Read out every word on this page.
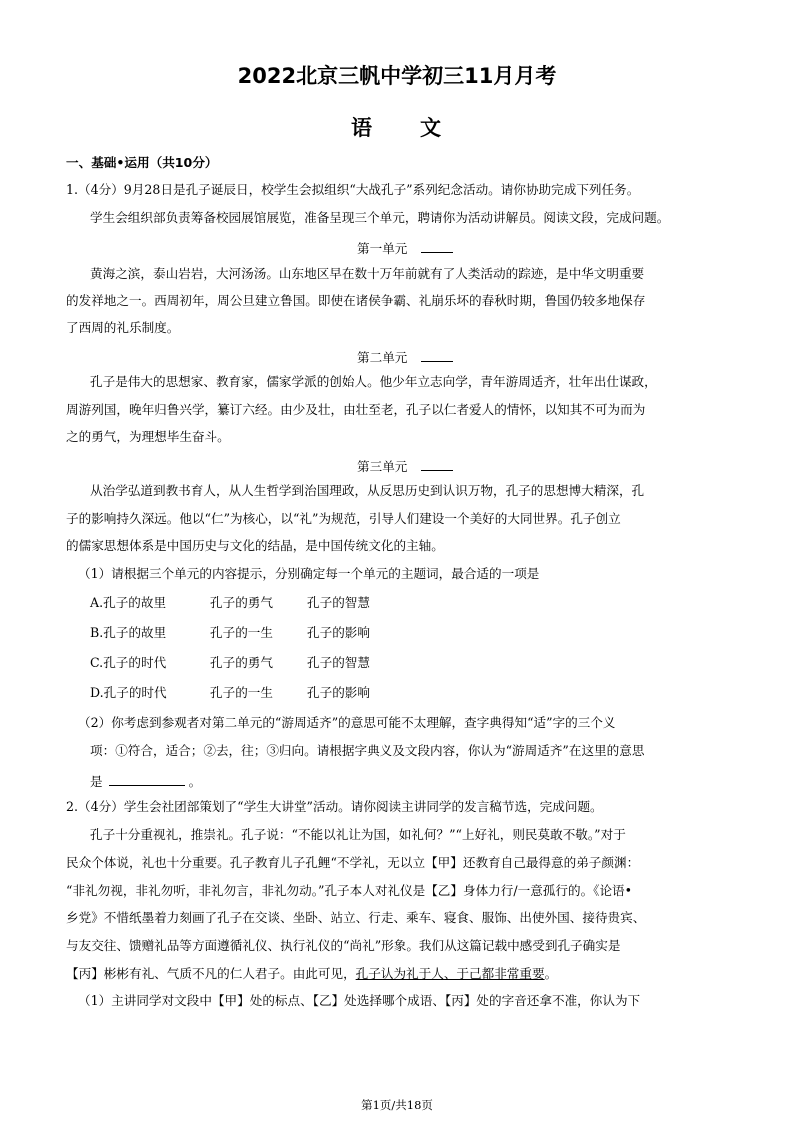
2022北京三帆中学初三11月月考
语 文
一、基础•运用（共10分）
1.（4分）9月28日是孔子诞辰日，校学生会拟组织“大战孔子”系列纪念活动。请你协助完成下列任务。
学生会组织部负责筹备校园展馆展览，准备呈现三个单元，聘请你为活动讲解员。阅读文段，完成问题。
第一单元
黄海之滨，泰山岩岩，大河汤汤。山东地区早在数十万年前就有了人类活动的踪迹，是中华文明重要
的发祥地之一。西周初年，周公旦建立鲁国。即使在诸侯争霸、礼崩乐坏的春秋时期，鲁国仍较多地保存
了西周的礼乐制度。
第二单元
孔子是伟大的思想家、教育家，儒家学派的创始人。他少年立志向学，青年游周适齐，壮年出仕谋政，
周游列国，晚年归鲁兴学，纂订六经。由少及壮，由壮至老，孔子以仁者爱人的情怀，以知其不可为而为
之的勇气，为理想毕生奋斗。
第三单元
从治学弘道到教书育人，从人生哲学到治国理政，从反思历史到认识万物，孔子的思想博大精深，孔
子的影响持久深远。他以“仁”为核心，以“礼”为规范，引导人们建设一个美好的大同世界。孔子创立
的儒家思想体系是中国历史与文化的结晶，是中国传统文化的主轴。
（1）请根据三个单元的内容提示，分别确定每一个单元的主题词，最合适的一项是
A.孔子的故里	孔子的勇气	孔子的智慧
B.孔子的故里	孔子的一生	孔子的影响
C.孔子的时代	孔子的勇气	孔子的智慧
D.孔子的时代	孔子的一生	孔子的影响
（2）你考虑到参观者对第二单元的“游周适齐”的意思可能不太理解，查字典得知“适”字的三个义
项：①符合，适合；②去，往；③归向。请根据字典义及文段内容，你认为“游周适齐”在这里的意思
是	。
2.（4分）学生会社团部策划了“学生大讲堂”活动。请你阅读主讲同学的发言稿节选，完成问题。
孔子十分重视礼，推崇礼。孔子说：“不能以礼让为国，如礼何？”“上好礼，则民莫敢不敬。”对于
民众个体说，礼也十分重要。孔子教育儿子孔鲤“不学礼，无以立【甲】还教育自己最得意的弟子颜渊：
“非礼勿视，非礼勿听，非礼勿言，非礼勿动。”孔子本人对礼仪是【乙】身体力行/一意孤行的。《论语•
乡党》不惜纸墨着力刻画了孔子在交谈、坐卧、站立、行走、乘车、寝食、服饰、出使外国、接待贵宾、
与友交往、馈赠礼品等方面遵循礼仪、执行礼仪的“尚礼”形象。我们从这篇记载中感受到孔子确实是
【丙】彬彬有礼、气质不凡的仁人君子。由此可见，孔子认为礼于人、于己都非常重要。
（1）主讲同学对文段中【甲】处的标点、【乙】处选择哪个成语、【丙】处的字音还拿不准，你认为下
第1页/共18页
